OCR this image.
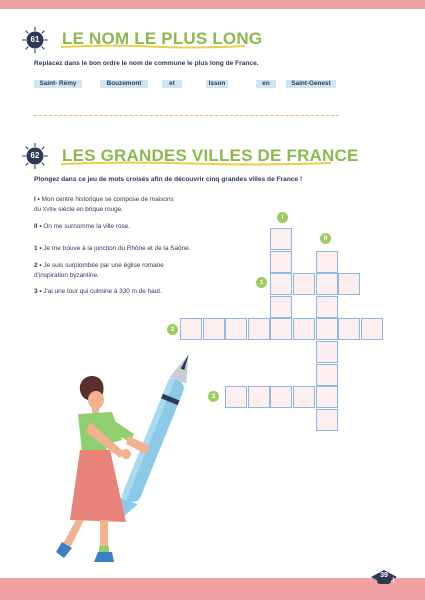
61	LE NOM LE PLUS LONG
Replacez dans le bon ordre le nom de commune le plus long de France.
Saint- Rémy	Bouzemont	et	Isson	en	Saint-Genest
62	LES GRANDES VILLES DE FRANCE
Plongez dans ce jeu de mots croisés afin de découvrir cinq grandes villes de France !
I • Mon centre historique se compose de maisons
du XVIIIe siècle en brique rouge.
II • On me surnomme la ville rose.
1 • Je me trouve à la jonction du Rhône et de la Saône.
2 • Je suis surplombée par une église romane
d'inspiration byzantine.
3 • J'ai une tour qui culmine à 330 m de haut.
I
II
1
2
3
39
